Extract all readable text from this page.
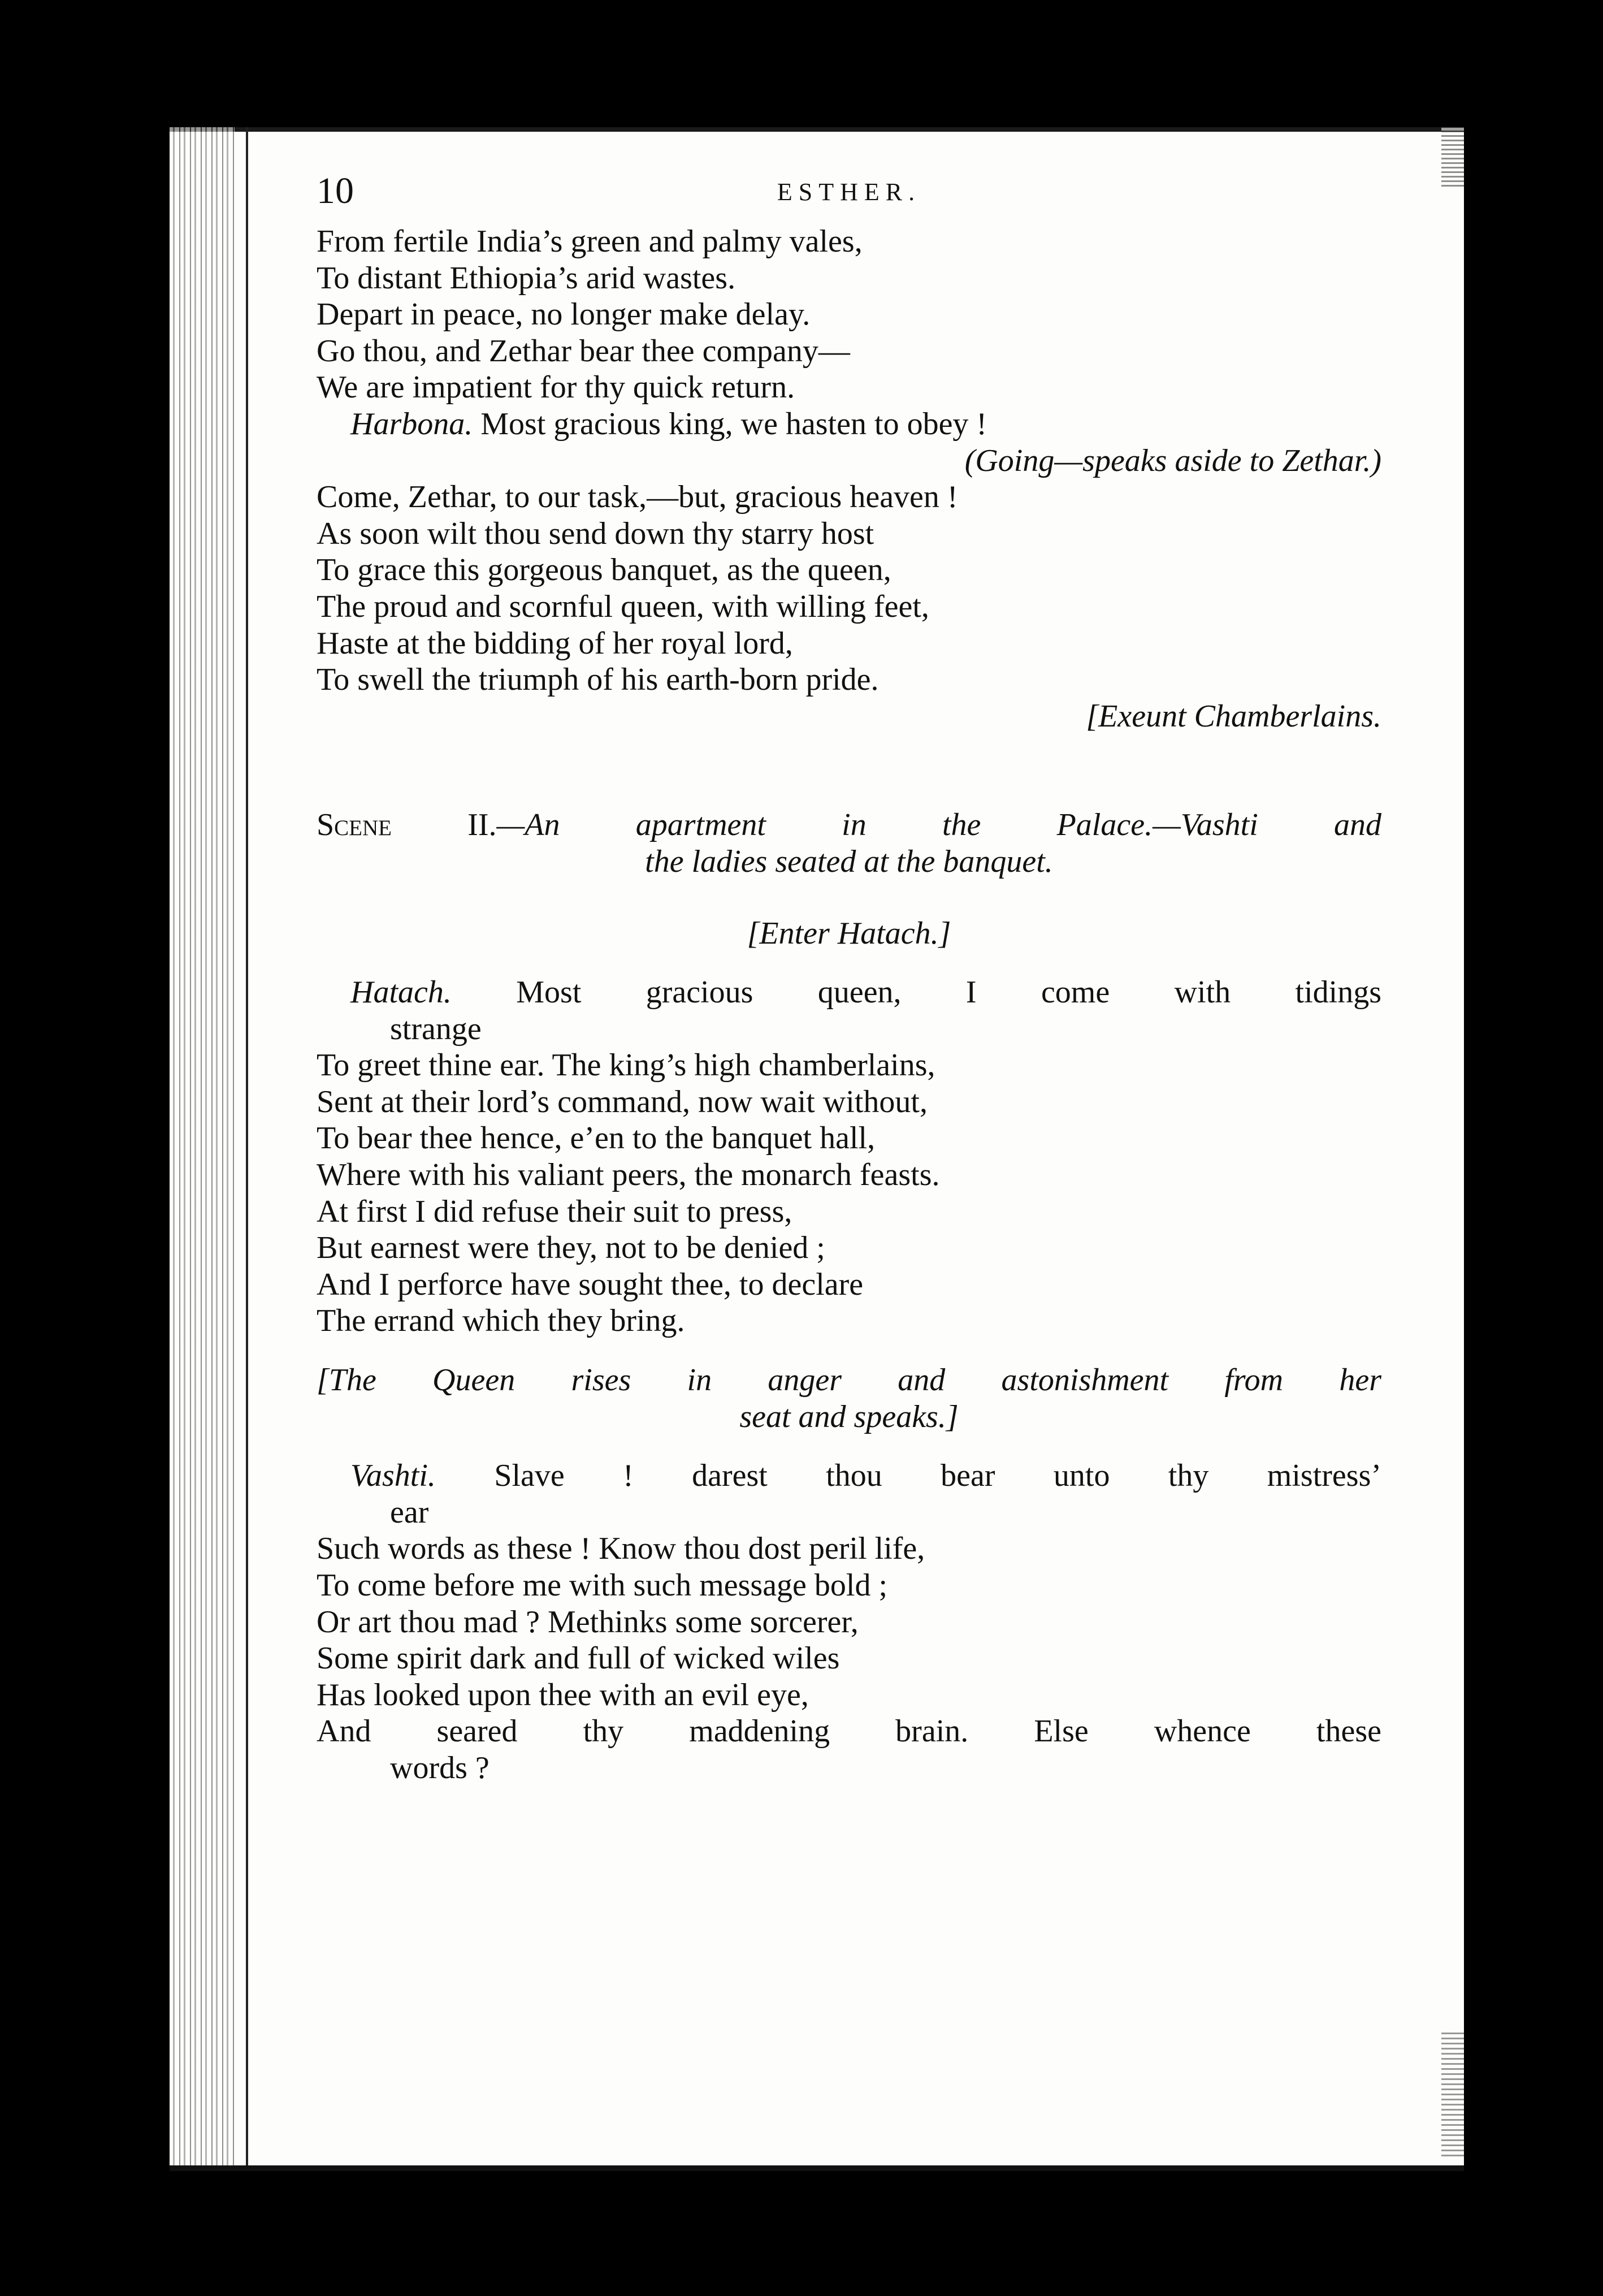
10	ESTHER.
From fertile India’s green and palmy vales,
To distant Ethiopia’s arid wastes.
Depart in peace, no longer make delay.
Go thou, and Zethar bear thee company—
We are impatient for thy quick return.
Harbona. Most gracious king, we hasten to obey !
(Going—speaks aside to Zethar.)
Come, Zethar, to our task,—but, gracious heaven !
As soon wilt thou send down thy starry host
To grace this gorgeous banquet, as the queen,
The proud and scornful queen, with willing feet,
Haste at the bidding of her royal lord,
To swell the triumph of his earth-born pride.
[Exeunt Chamberlains.
Scene II.—An apartment in the Palace.—Vashti and
the ladies seated at the banquet.
[Enter Hatach.]
Hatach. Most gracious queen, I come with tidings
strange
To greet thine ear. The king’s high chamberlains,
Sent at their lord’s command, now wait without,
To bear thee hence, e’en to the banquet hall,
Where with his valiant peers, the monarch feasts.
At first I did refuse their suit to press,
But earnest were they, not to be denied ;
And I perforce have sought thee, to declare
The errand which they bring.
[The Queen rises in anger and astonishment from her
seat and speaks.]
Vashti. Slave ! darest thou bear unto thy mistress’
ear
Such words as these ! Know thou dost peril life,
To come before me with such message bold ;
Or art thou mad ? Methinks some sorcerer,
Some spirit dark and full of wicked wiles
Has looked upon thee with an evil eye,
And seared thy maddening brain. Else whence these
words ?
